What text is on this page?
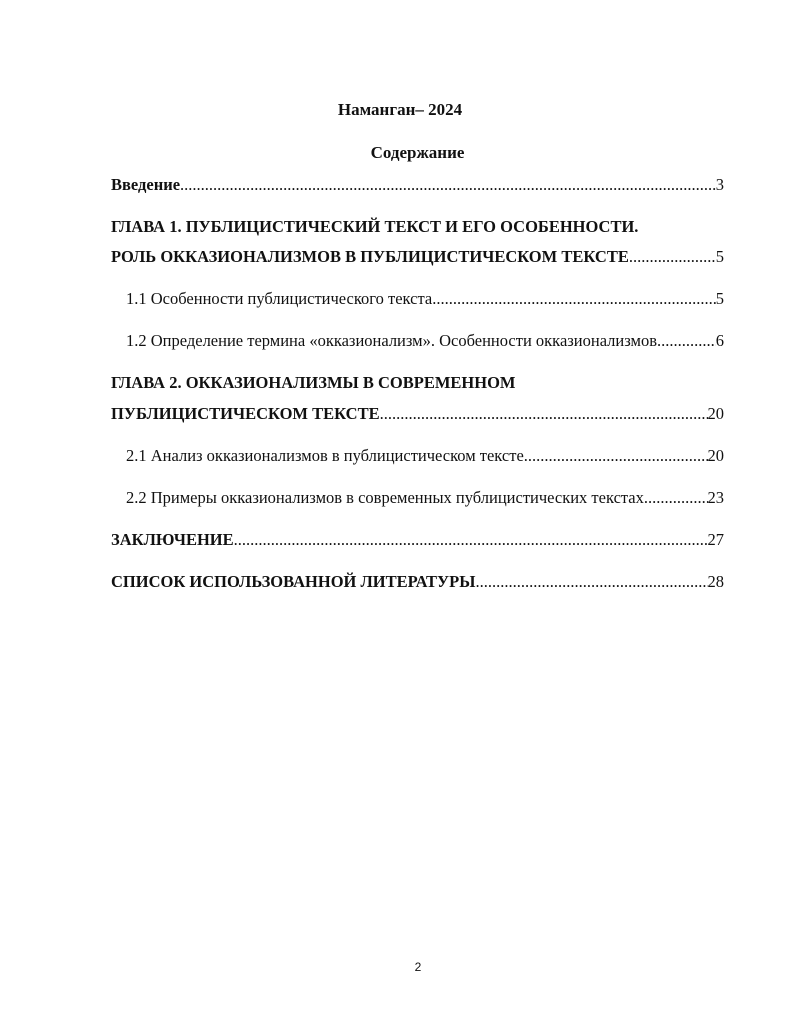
Наманган– 2024
Содержание
Введение .....	3
ГЛАВА 1. ПУБЛИЦИСТИЧЕСКИЙ ТЕКСТ И ЕГО ОСОБЕННОСТИ.
РОЛЬ ОККАЗИОНАЛИЗМОВ В ПУБЛИЦИСТИЧЕСКОМ ТЕКСТЕ .....	5
1.1 Особенности публицистического текста .....	5
1.2 Определение термина «окказионализм». Особенности окказионализмов .....	6
ГЛАВА 2. ОККАЗИОНАЛИЗМЫ В СОВРЕМЕННОМ
ПУБЛИЦИСТИЧЕСКОМ ТЕКСТЕ .....	20
2.1 Анализ окказионализмов в публицистическом тексте .....	20
2.2 Примеры окказионализмов в современных публицистических текстах .....	23
ЗАКЛЮЧЕНИЕ .....	27
СПИСОК ИСПОЛЬЗОВАННОЙ ЛИТЕРАТУРЫ .....	28
2
